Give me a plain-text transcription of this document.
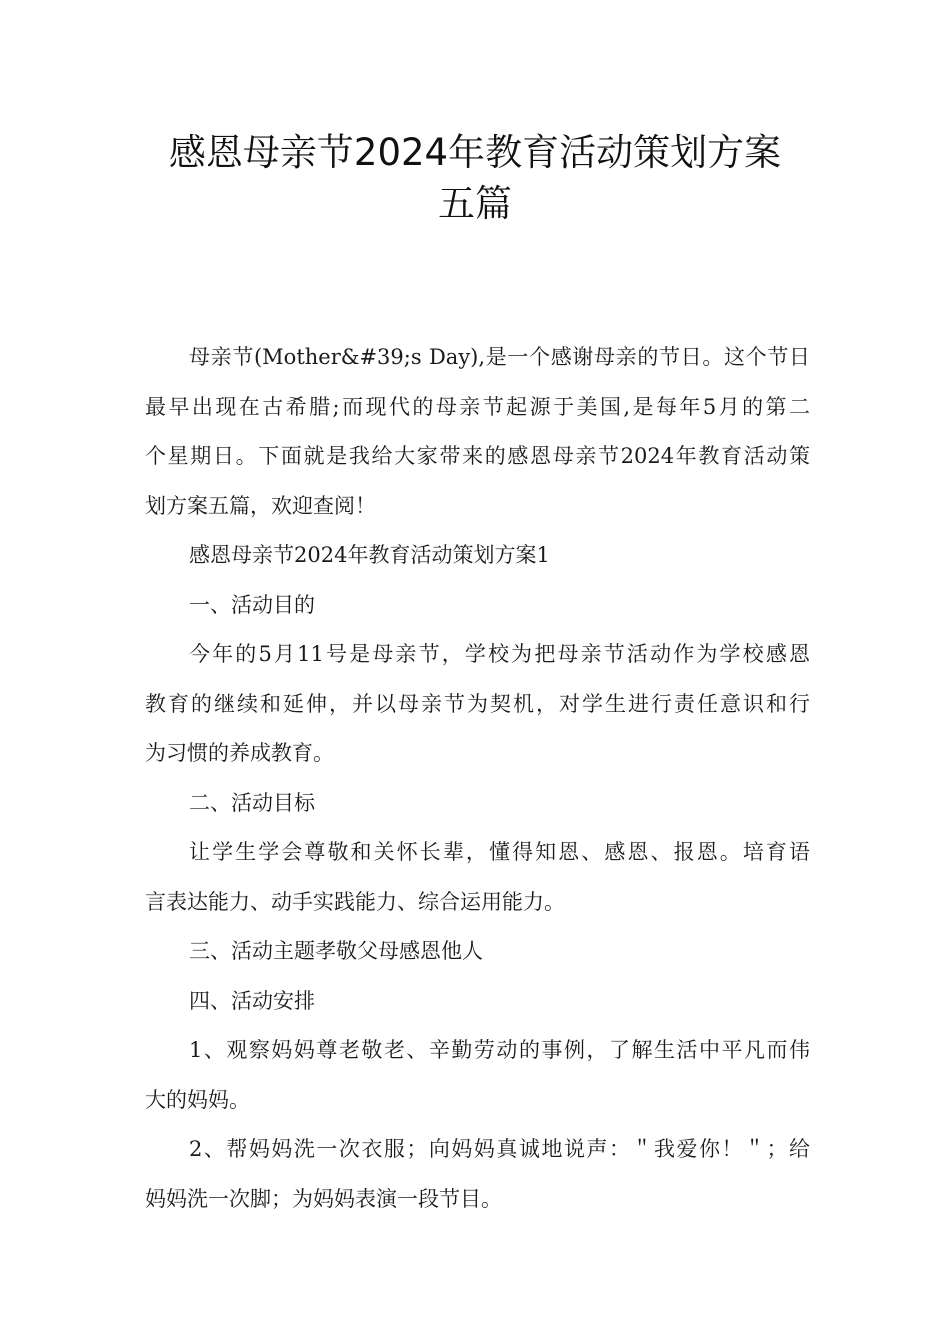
感恩母亲节2024年教育活动策划方案
五篇
母亲节(Mother&#39;s Day),是一个感谢母亲的节日。这个节日
最早出现在古希腊;而现代的母亲节起源于美国,是每年5月的第二
个星期日。下面就是我给大家带来的感恩母亲节2024年教育活动策
划方案五篇，欢迎查阅！
感恩母亲节2024年教育活动策划方案1
一、活动目的
今年的5月11号是母亲节，学校为把母亲节活动作为学校感恩
教育的继续和延伸，并以母亲节为契机，对学生进行责任意识和行
为习惯的养成教育。
二、活动目标
让学生学会尊敬和关怀长辈，懂得知恩、感恩、报恩。培育语
言表达能力、动手实践能力、综合运用能力。
三、活动主题孝敬父母感恩他人
四、活动安排
1、观察妈妈尊老敬老、辛勤劳动的事例，了解生活中平凡而伟
大的妈妈。
2、帮妈妈洗一次衣服；向妈妈真诚地说声：＂我爱你！＂；给
妈妈洗一次脚；为妈妈表演一段节目。
